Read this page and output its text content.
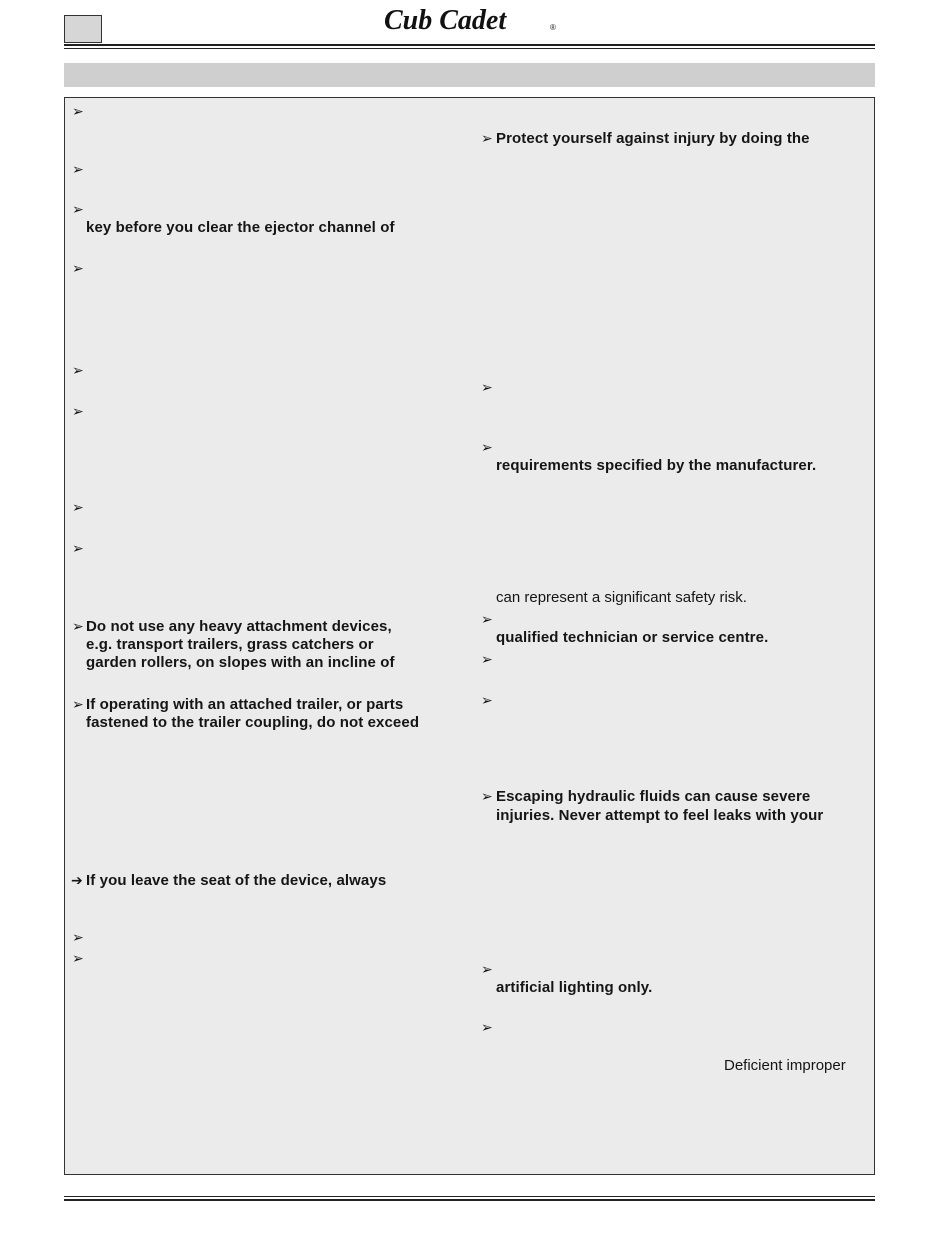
Cub Cadet	®
➢
➢
➢
key before you clear the ejector channel of
➢
➢
➢
➢
➢
➢ Do not use any heavy attachment devices,
e.g. transport trailers, grass catchers or
garden rollers, on slopes with an incline of
➢ If operating with an attached trailer, or parts
fastened to the trailer coupling, do not exceed
➔ If you leave the seat of the device, always
➢
➢
➢ Protect yourself against injury by doing the
➢
➢
requirements specified by the manufacturer.
can represent a significant safety risk.
➢
qualified technician or service centre.
➢
➢
➢ Escaping hydraulic fluids can cause severe
injuries. Never attempt to feel leaks with your
➢
artificial lighting only.
➢
Deficient improper
